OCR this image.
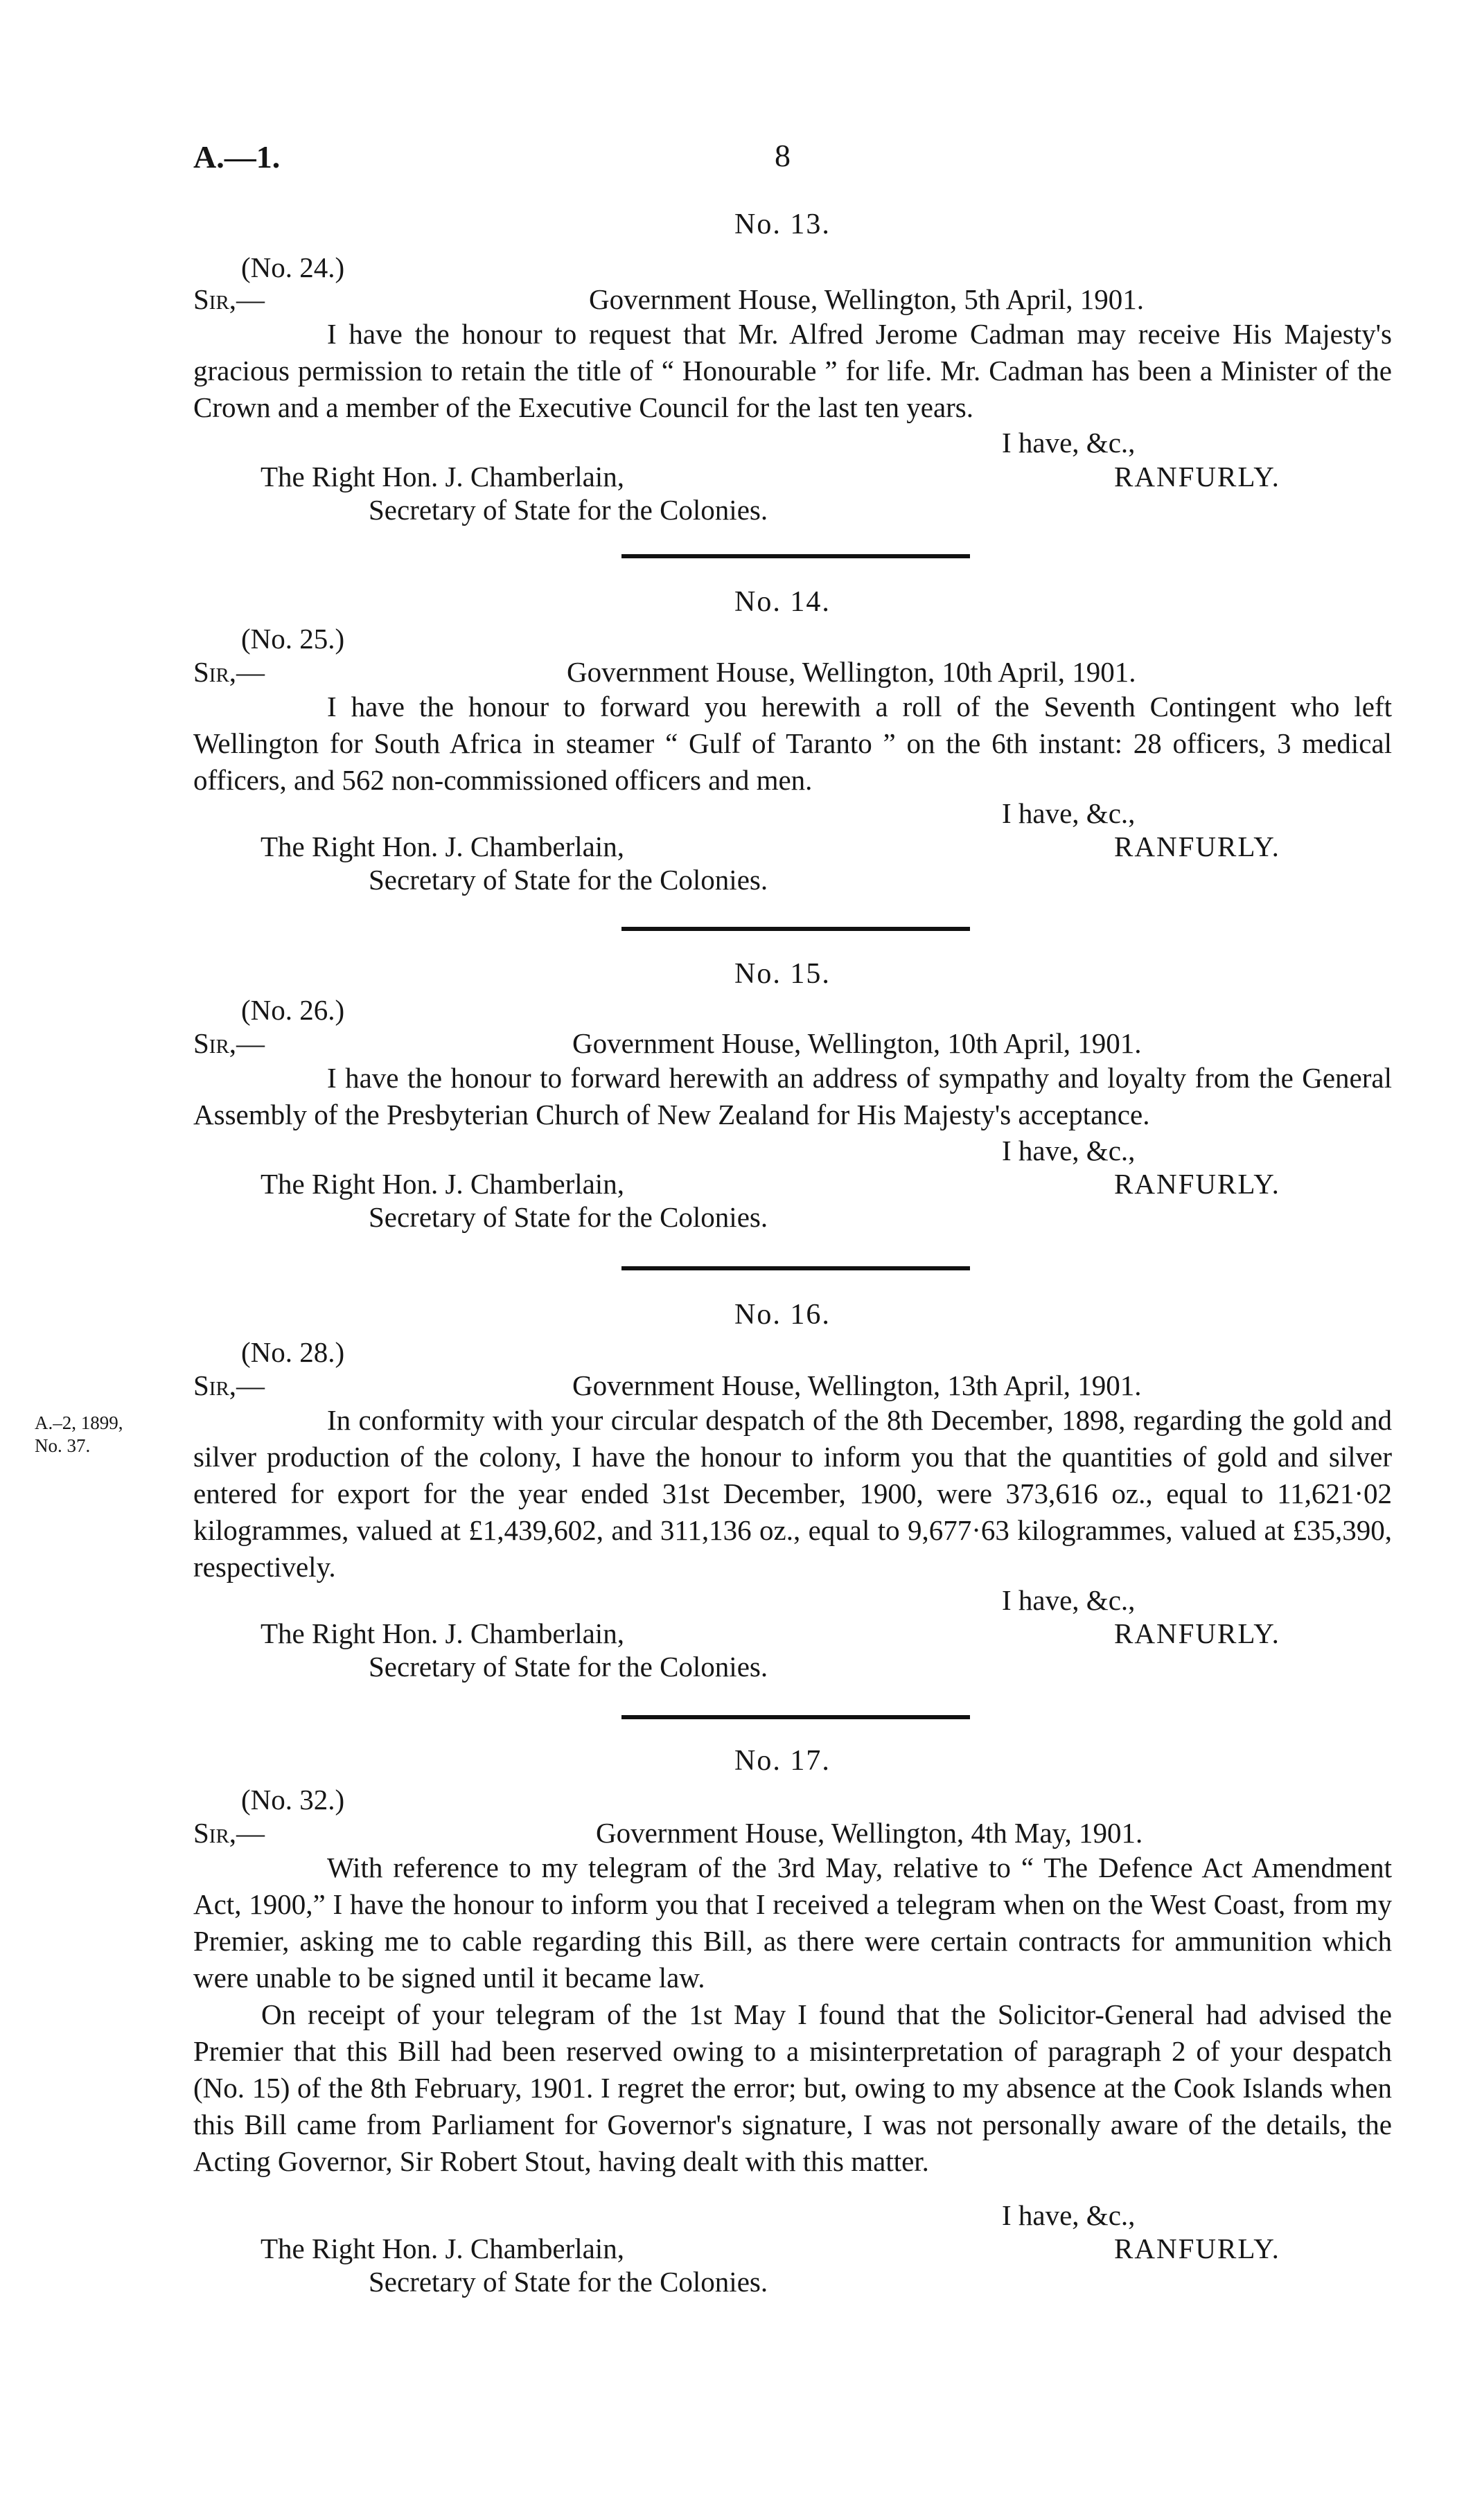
A.—1.	8
No. 13.
(No. 24.)
Sir,—	Government House, Wellington, 5th April, 1901.

I have the honour to request that Mr. Alfred Jerome Cadman may receive His Majesty's gracious permission to retain the title of “ Honourable ” for life. Mr. Cadman has been a Minister of the Crown and a member of the Executive Council for the last ten years.

I have, &c.,
The Right Hon. J. Chamberlain,	RANFURLY.
Secretary of State for the Colonies.
No. 14.
(No. 25.)
Sir,—	Government House, Wellington, 10th April, 1901.

I have the honour to forward you herewith a roll of the Seventh Contingent who left Wellington for South Africa in steamer “ Gulf of Taranto ” on the 6th instant: 28 officers, 3 medical officers, and 562 non-commissioned officers and men.

I have, &c.,
The Right Hon. J. Chamberlain,	RANFURLY.
Secretary of State for the Colonies.
No. 15.
(No. 26.)
Sir,—	Government House, Wellington, 10th April, 1901.

I have the honour to forward herewith an address of sympathy and loyalty from the General Assembly of the Presbyterian Church of New Zealand for His Majesty's acceptance.

I have, &c.,
The Right Hon. J. Chamberlain,	RANFURLY.
Secretary of State for the Colonies.
No. 16.
(No. 28.)
Sir,—	Government House, Wellington, 13th April, 1901.
A.–2, 1899,
No. 37.

In conformity with your circular despatch of the 8th December, 1898, regarding the gold and silver production of the colony, I have the honour to inform you that the quantities of gold and silver entered for export for the year ended 31st December, 1900, were 373,616 oz., equal to 11,621·02 kilogrammes, valued at £1,439,602, and 311,136 oz., equal to 9,677·63 kilogrammes, valued at £35,390, respectively.

I have, &c.,
The Right Hon. J. Chamberlain,	RANFURLY.
Secretary of State for the Colonies.
No. 17.
(No. 32.)
Sir,—	Government House, Wellington, 4th May, 1901.

With reference to my telegram of the 3rd May, relative to “ The Defence Act Amendment Act, 1900,” I have the honour to inform you that I received a telegram when on the West Coast, from my Premier, asking me to cable regarding this Bill, as there were certain contracts for ammunition which were unable to be signed until it became law.

On receipt of your telegram of the 1st May I found that the Solicitor-General had advised the Premier that this Bill had been reserved owing to a misinterpretation of paragraph 2 of your despatch (No. 15) of the 8th February, 1901. I regret the error; but, owing to my absence at the Cook Islands when this Bill came from Parliament for Governor's signature, I was not personally aware of the details, the Acting Governor, Sir Robert Stout, having dealt with this matter.

I have, &c.,
The Right Hon. J. Chamberlain,	RANFURLY.
Secretary of State for the Colonies.
